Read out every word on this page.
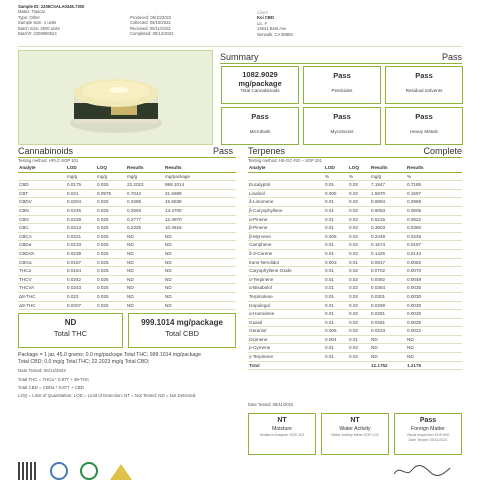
Sample ID: 2205CSALA0345.7300
Matrix: Topical
Type: Other
Sample Size: 1 units
Batch Size: 2500 units
Batch#: 2209880524
Produced: 05/10/2022
Collected: 05/10/2022
Received: 05/11/2022
Completed: 05/12/2022
Client
Koi CBD
Lic. #
14631 Best Ave
Norwalk, CA 90650
Summary	Pass
1082.9029 mg/package
Total Cannabinoids
Pass
Pesticides
Pass
Residual Solvents
Pass
Microbials
Pass
Mycotoxins
Pass
Heavy Metals
Cannabinoids	Pass
Testing method: HPLC-SOP 101
Analyte	LOD	LOQ	Results	Results
	mg/g	mg/g	mg/g	mg/package
CBD	0.0175	0.025	22.2023	999.1014
CBT	0.021	0.0975	0.7042	31.6889
CBDV	0.0204	0.025	0.3485	15.6838
CBN	0.0245	0.025	0.2993	13.4700
CBG	0.0229	0.025	0.2777	12.4970
CBC	0.0213	0.025	0.2325	10.4618
CBCA	0.0221	0.025	ND	ND
CBDa	0.0133	0.025	ND	ND
CBDVA	0.0238	0.025	ND	ND
CBGa	0.0187	0.025	ND	ND
THCa	0.0164	0.025	ND	ND
THCV	0.0242	0.025	ND	ND
THCVA	0.0243	0.025	ND	ND
Δ8-THC	0.022	0.025	ND	ND
Δ9-THC	0.0207	0.025	ND	ND
ND
Total THC
999.1014 mg/package
Total CBD
Package = 1 jar, 45.0 grams; 0.0 mg/package Total THC; 999.1014 mg/package
Total CBD; 0.0 mg/g Total THC; 22.2023 mg/g Total CBD;
Date Tested: 05/12/2022
Total THC = THCa * 0.877 + d9-THC
Total CBD = CBDa * 0.877 + CBD
LOQ = Limit of Quantitation; LOD = Limit of Detection; NT = Not Tested; ND = Not Detected.
Terpenes	Complete
Testing method: HS-GC-FID – SOP 201
Analyte	LOD	LOQ	Results	Results
	%	%	mg/g	%
Eucalyptol	0.01	0.02	7.1847	0.7185
Linalool	0.005	0.02	1.5970	0.1597
δ-Limonene	0.01	0.02	0.9894	0.0989
β-Caryophyllene	0.01	0.02	0.6053	0.0605
α-Pinene	0.01	0.02	0.5215	0.0522
β-Pinene	0.01	0.02	0.3603	0.0360
β-Myrcene	0.005	0.02	0.2449	0.0245
Camphene	0.01	0.02	0.1574	0.0157
δ-3-Carene	0.01	0.02	0.1426	0.0143
trans-Nerolidol	0.003	0.01	0.0817	0.0082
Caryophyllene Oxide	0.01	0.02	0.0702	0.0070
α-Terpinene	0.01	0.02	0.0492	0.0049
α-Bisabolol	0.01	0.02	0.0354	0.0035
Terpinolene	0.01	0.02	0.0301	0.0030
Isopulegol	0.01	0.02	0.0299	0.0030
α-Humulene	0.01	0.02	0.0281	0.0028
Guaiol	0.01	0.02	0.0251	0.0025
Geraniol	0.005	0.02	0.0223	0.0022
Ocimene	0.004	0.01	ND	ND
p-Cymene	0.01	0.02	ND	ND
γ-Terpinene	0.01	0.02	ND	ND
Total			12.1752	1.2175
Date Tested: 05/11/2022
NT
Moisture
Moisture Analyzer SOP-103
NT
Water Activity
Water Activity Meter SOP-102
Pass
Foreign Matter
Visual Inspection SOP-600
Date Tested: 05/11/2022
